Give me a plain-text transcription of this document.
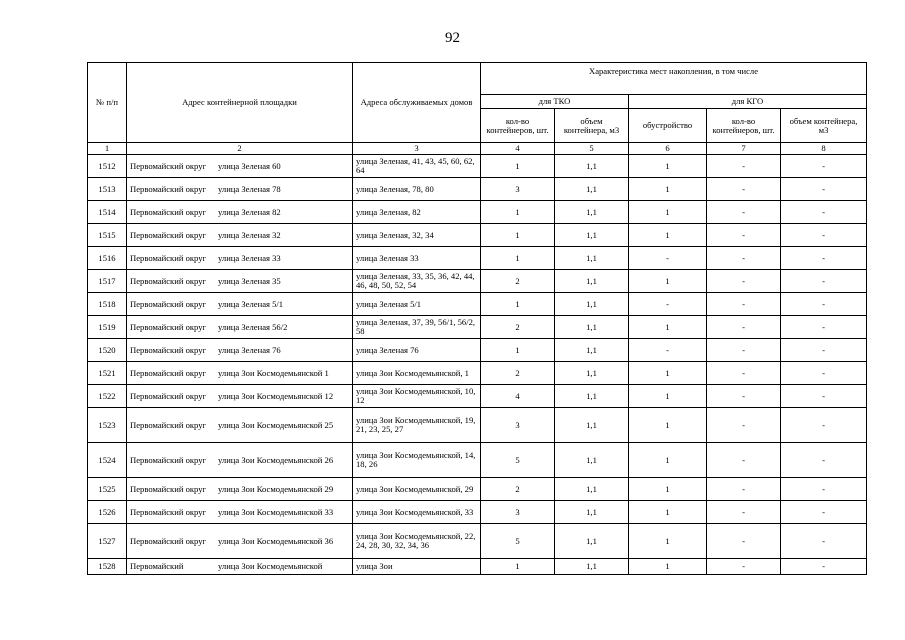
92
№ п/п	Адрес контейнерной площадки	Адреса обслуживаемых домов	Характеристика мест накопления, в том числе				
			для ТКО		для КГО		
			кол-во контейнеров, шт.	объем контейнера, м3	обустройство	кол-во контейнеров, шт.	объем контейнера, м3
1	2	3	4	5	6	7	8
1512	Первомайский округ улица Зеленая 60	улица Зеленая, 41, 43, 45, 60, 62, 64	1	1,1	1	-	-
1513	Первомайский округ улица Зеленая 78	улица Зеленая, 78, 80	3	1,1	1	-	-
1514	Первомайский округ улица Зеленая 82	улица Зеленая, 82	1	1,1	1	-	-
1515	Первомайский округ улица Зеленая 32	улица Зеленая, 32, 34	1	1,1	1	-	-
1516	Первомайский округ улица Зеленая 33	улица Зеленая 33	1	1,1	-	-	-
1517	Первомайский округ улица Зеленая 35	улица Зеленая, 33, 35, 36, 42, 44, 46, 48, 50, 52, 54	2	1,1	1	-	-
1518	Первомайский округ улица Зеленая 5/1	улица Зеленая 5/1	1	1,1	-	-	-
1519	Первомайский округ улица Зеленая 56/2	улица Зеленая, 37, 39, 56/1, 56/2, 58	2	1,1	1	-	-
1520	Первомайский округ улица Зеленая 76	улица Зеленая 76	1	1,1	-	-	-
1521	Первомайский округ улица Зои Космодемьянской 1	улица Зои Космодемьянской, 1	2	1,1	1	-	-
1522	Первомайский округ улица Зои Космодемьянской 12	улица Зои Космодемьянской, 10, 12	4	1,1	1	-	-
1523	Первомайский округ улица Зои Космодемьянской 25	улица Зои Космодемьянской, 19, 21, 23, 25, 27	3	1,1	1	-	-
1524	Первомайский округ улица Зои Космодемьянской 26	улица Зои Космодемьянской, 14, 18, 26	5	1,1	1	-	-
1525	Первомайский округ улица Зои Космодемьянской 29	улица Зои Космодемьянской, 29	2	1,1	1	-	-
1526	Первомайский округ улица Зои Космодемьянской 33	улица Зои Космодемьянской, 33	3	1,1	1	-	-
1527	Первомайский округ улица Зои Космодемьянской 36	улица Зои Космодемьянской, 22, 24, 28, 30, 32, 34, 36	5	1,1	1	-	-
1528	Первомайский улица Зои Космодемьянской	улица Зои	1	1,1	1	-	-
